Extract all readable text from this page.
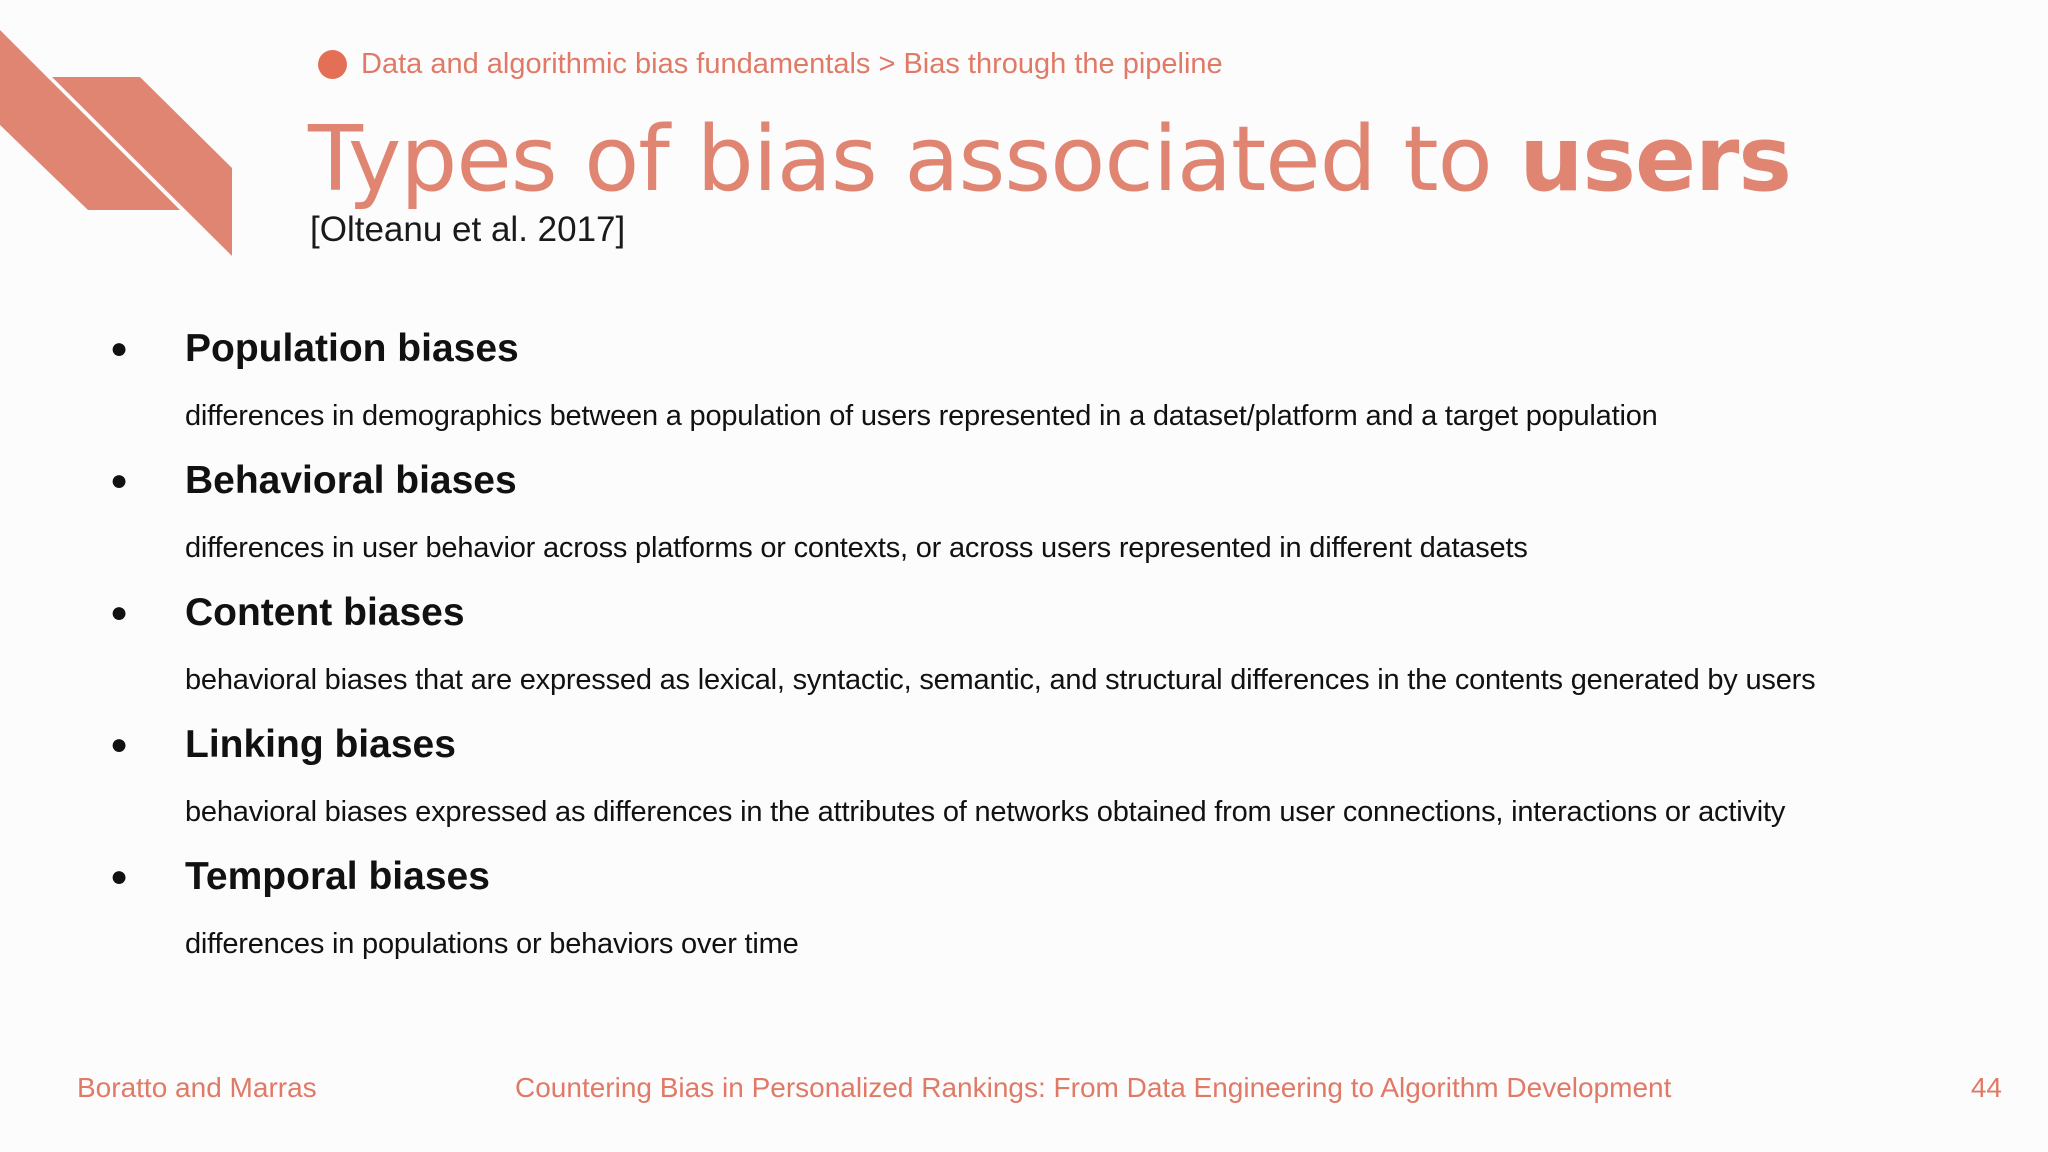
Data and algorithmic bias fundamentals > Bias through the pipeline
Types of bias associated to users
[Olteanu et al. 2017]
● Population biases
differences in demographics between a population of users represented in a dataset/platform and a target population
● Behavioral biases
differences in user behavior across platforms or contexts, or across users represented in different datasets
● Content biases
behavioral biases that are expressed as lexical, syntactic, semantic, and structural differences in the contents generated by users
● Linking biases
behavioral biases expressed as differences in the attributes of networks obtained from user connections, interactions or activity
● Temporal biases
differences in populations or behaviors over time
Boratto and Marras	Countering Bias in Personalized Rankings: From Data Engineering to Algorithm Development	44
